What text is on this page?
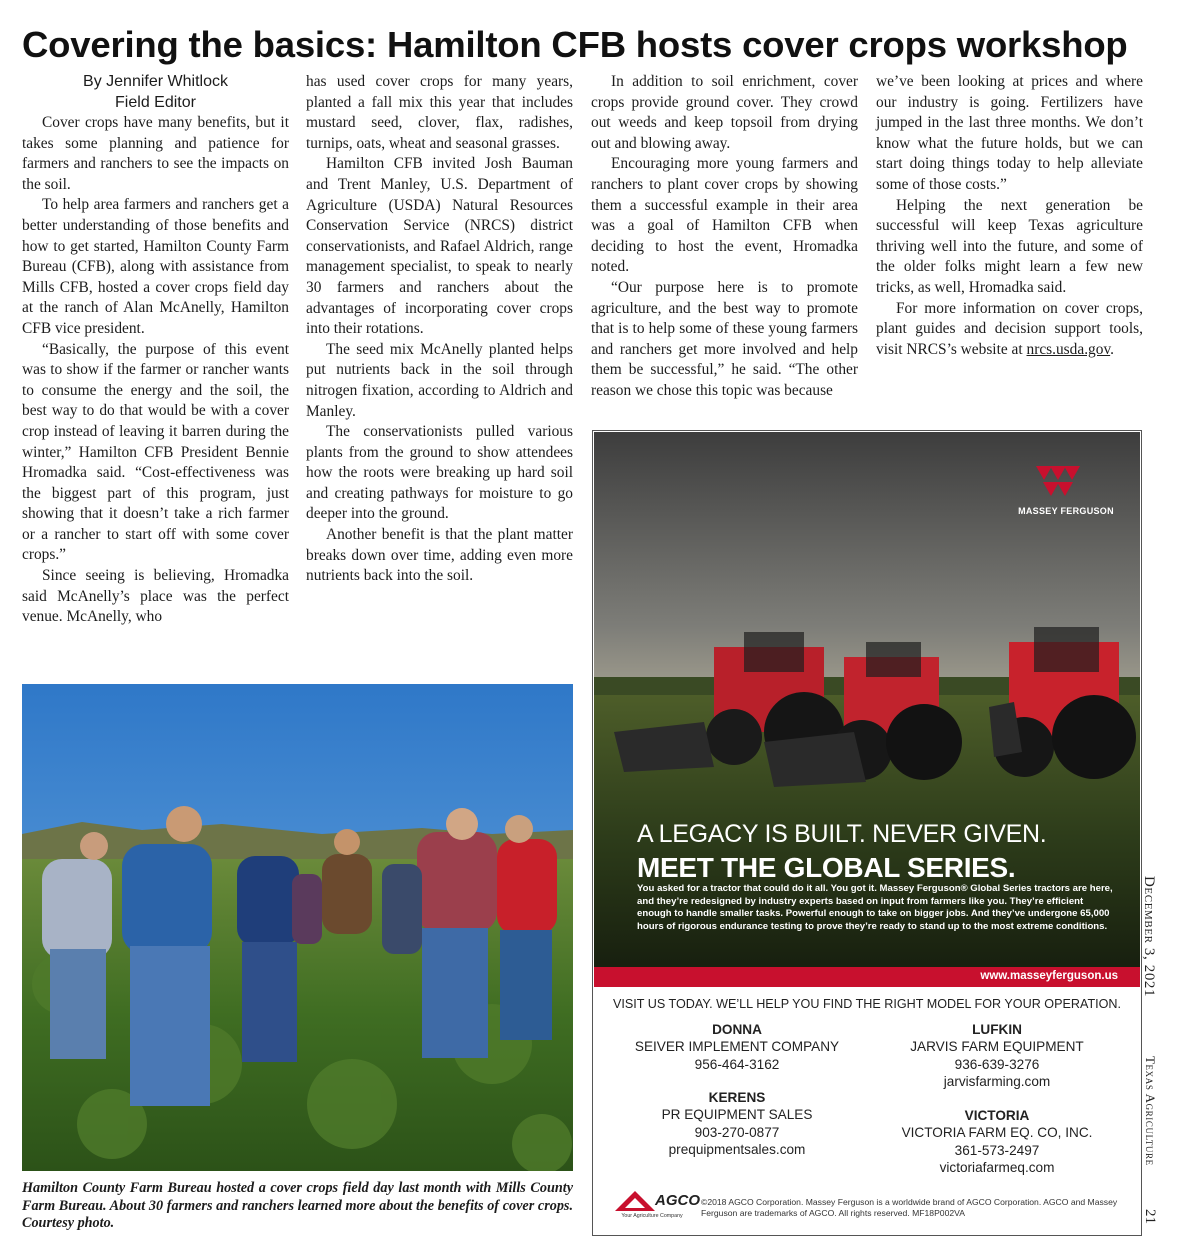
Covering the basics: Hamilton CFB hosts cover crops workshop

By Jennifer Whitlock

Field Editor

Cover crops have many benefits, but it takes some planning and patience for farmers and ranchers to see the impacts on the soil.

To help area farmers and ranchers get a better understanding of those benefits and how to get started, Hamilton County Farm Bureau (CFB), along with assistance from Mills CFB, hosted a cover crops field day at the ranch of Alan McAnelly, Hamilton CFB vice president.

“Basically, the purpose of this event was to show if the farmer or rancher wants to consume the energy and the soil, the best way to do that would be with a cover crop instead of leaving it barren during the winter,” Hamilton CFB President Bennie Hromadka said. “Cost-effectiveness was the biggest part of this program, just showing that it doesn’t take a rich farmer or a rancher to start off with some cover crops.”

Since seeing is believing, Hromadka said McAnelly’s place was the perfect venue. McAnelly, who

has used cover crops for many years, planted a fall mix this year that includes mustard seed, clover, flax, radishes, turnips, oats, wheat and seasonal grasses.

Hamilton CFB invited Josh Bauman and Trent Manley, U.S. Department of Agriculture (USDA) Natural Resources Conservation Service (NRCS) district conservationists, and Rafael Aldrich, range management specialist, to speak to nearly 30 farmers and ranchers about the advantages of incorporating cover crops into their rotations.

The seed mix McAnelly planted helps put nutrients back in the soil through nitrogen fixation, according to Aldrich and Manley.

The conservationists pulled various plants from the ground to show attendees how the roots were breaking up hard soil and creating pathways for moisture to go deeper into the ground.

Another benefit is that the plant matter breaks down over time, adding even more nutrients back into the soil.

In addition to soil enrichment, cover crops provide ground cover. They crowd out weeds and keep topsoil from drying out and blowing away.

Encouraging more young farmers and ranchers to plant cover crops by showing them a successful example in their area was a goal of Hamilton CFB when deciding to host the event, Hromadka noted.

“Our purpose here is to promote agriculture, and the best way to promote that is to help some of these young farmers and ranchers get more involved and help them be successful,” he said. “The other reason we chose this topic was because

we’ve been looking at prices and where our industry is going. Fertilizers have jumped in the last three months. We don’t know what the future holds, but we can start doing things today to help alleviate some of those costs.”

Helping the next generation be successful will keep Texas agriculture thriving well into the future, and some of the older folks might learn a few new tricks, as well, Hromadka said.

For more information on cover crops, plant guides and decision support tools, visit NRCS’s website at nrcs.usda.gov.

Hamilton County Farm Bureau hosted a cover crops field day last month with Mills County Farm Bureau. About 30 farmers and ranchers learned more about the benefits of cover crops. Courtesy photo.
MASSEY FERGUSON
A LEGACY IS BUILT. NEVER GIVEN.
MEET THE GLOBAL SERIES.
You asked for a tractor that could do it all. You got it. Massey Ferguson® Global Series tractors are here, and they’re redesigned by industry experts based on input from farmers like you. They’re efficient enough to handle smaller tasks. Powerful enough to take on bigger jobs. And they’ve undergone 65,000 hours of rigorous endurance testing to prove they’re ready to stand up to the most extreme conditions.
www.masseyferguson.us
VISIT US TODAY. WE’LL HELP YOU FIND THE RIGHT MODEL FOR YOUR OPERATION.
DONNA
SEIVER IMPLEMENT COMPANY
956-464-3162
LUFKIN
JARVIS FARM EQUIPMENT
936-639-3276
jarvisfarming.com
KERENS
PR EQUIPMENT SALES
903-270-0877
prequipmentsales.com
VICTORIA
VICTORIA FARM EQ. CO, INC.
361-573-2497
victoriafarmeq.com
AGCO
Your Agriculture Company
©2018 AGCO Corporation. Massey Ferguson is a worldwide brand of AGCO Corporation. AGCO and Massey Ferguson are trademarks of AGCO. All rights reserved. MF18P002VA
December 3, 2021
Texas Agriculture
21
